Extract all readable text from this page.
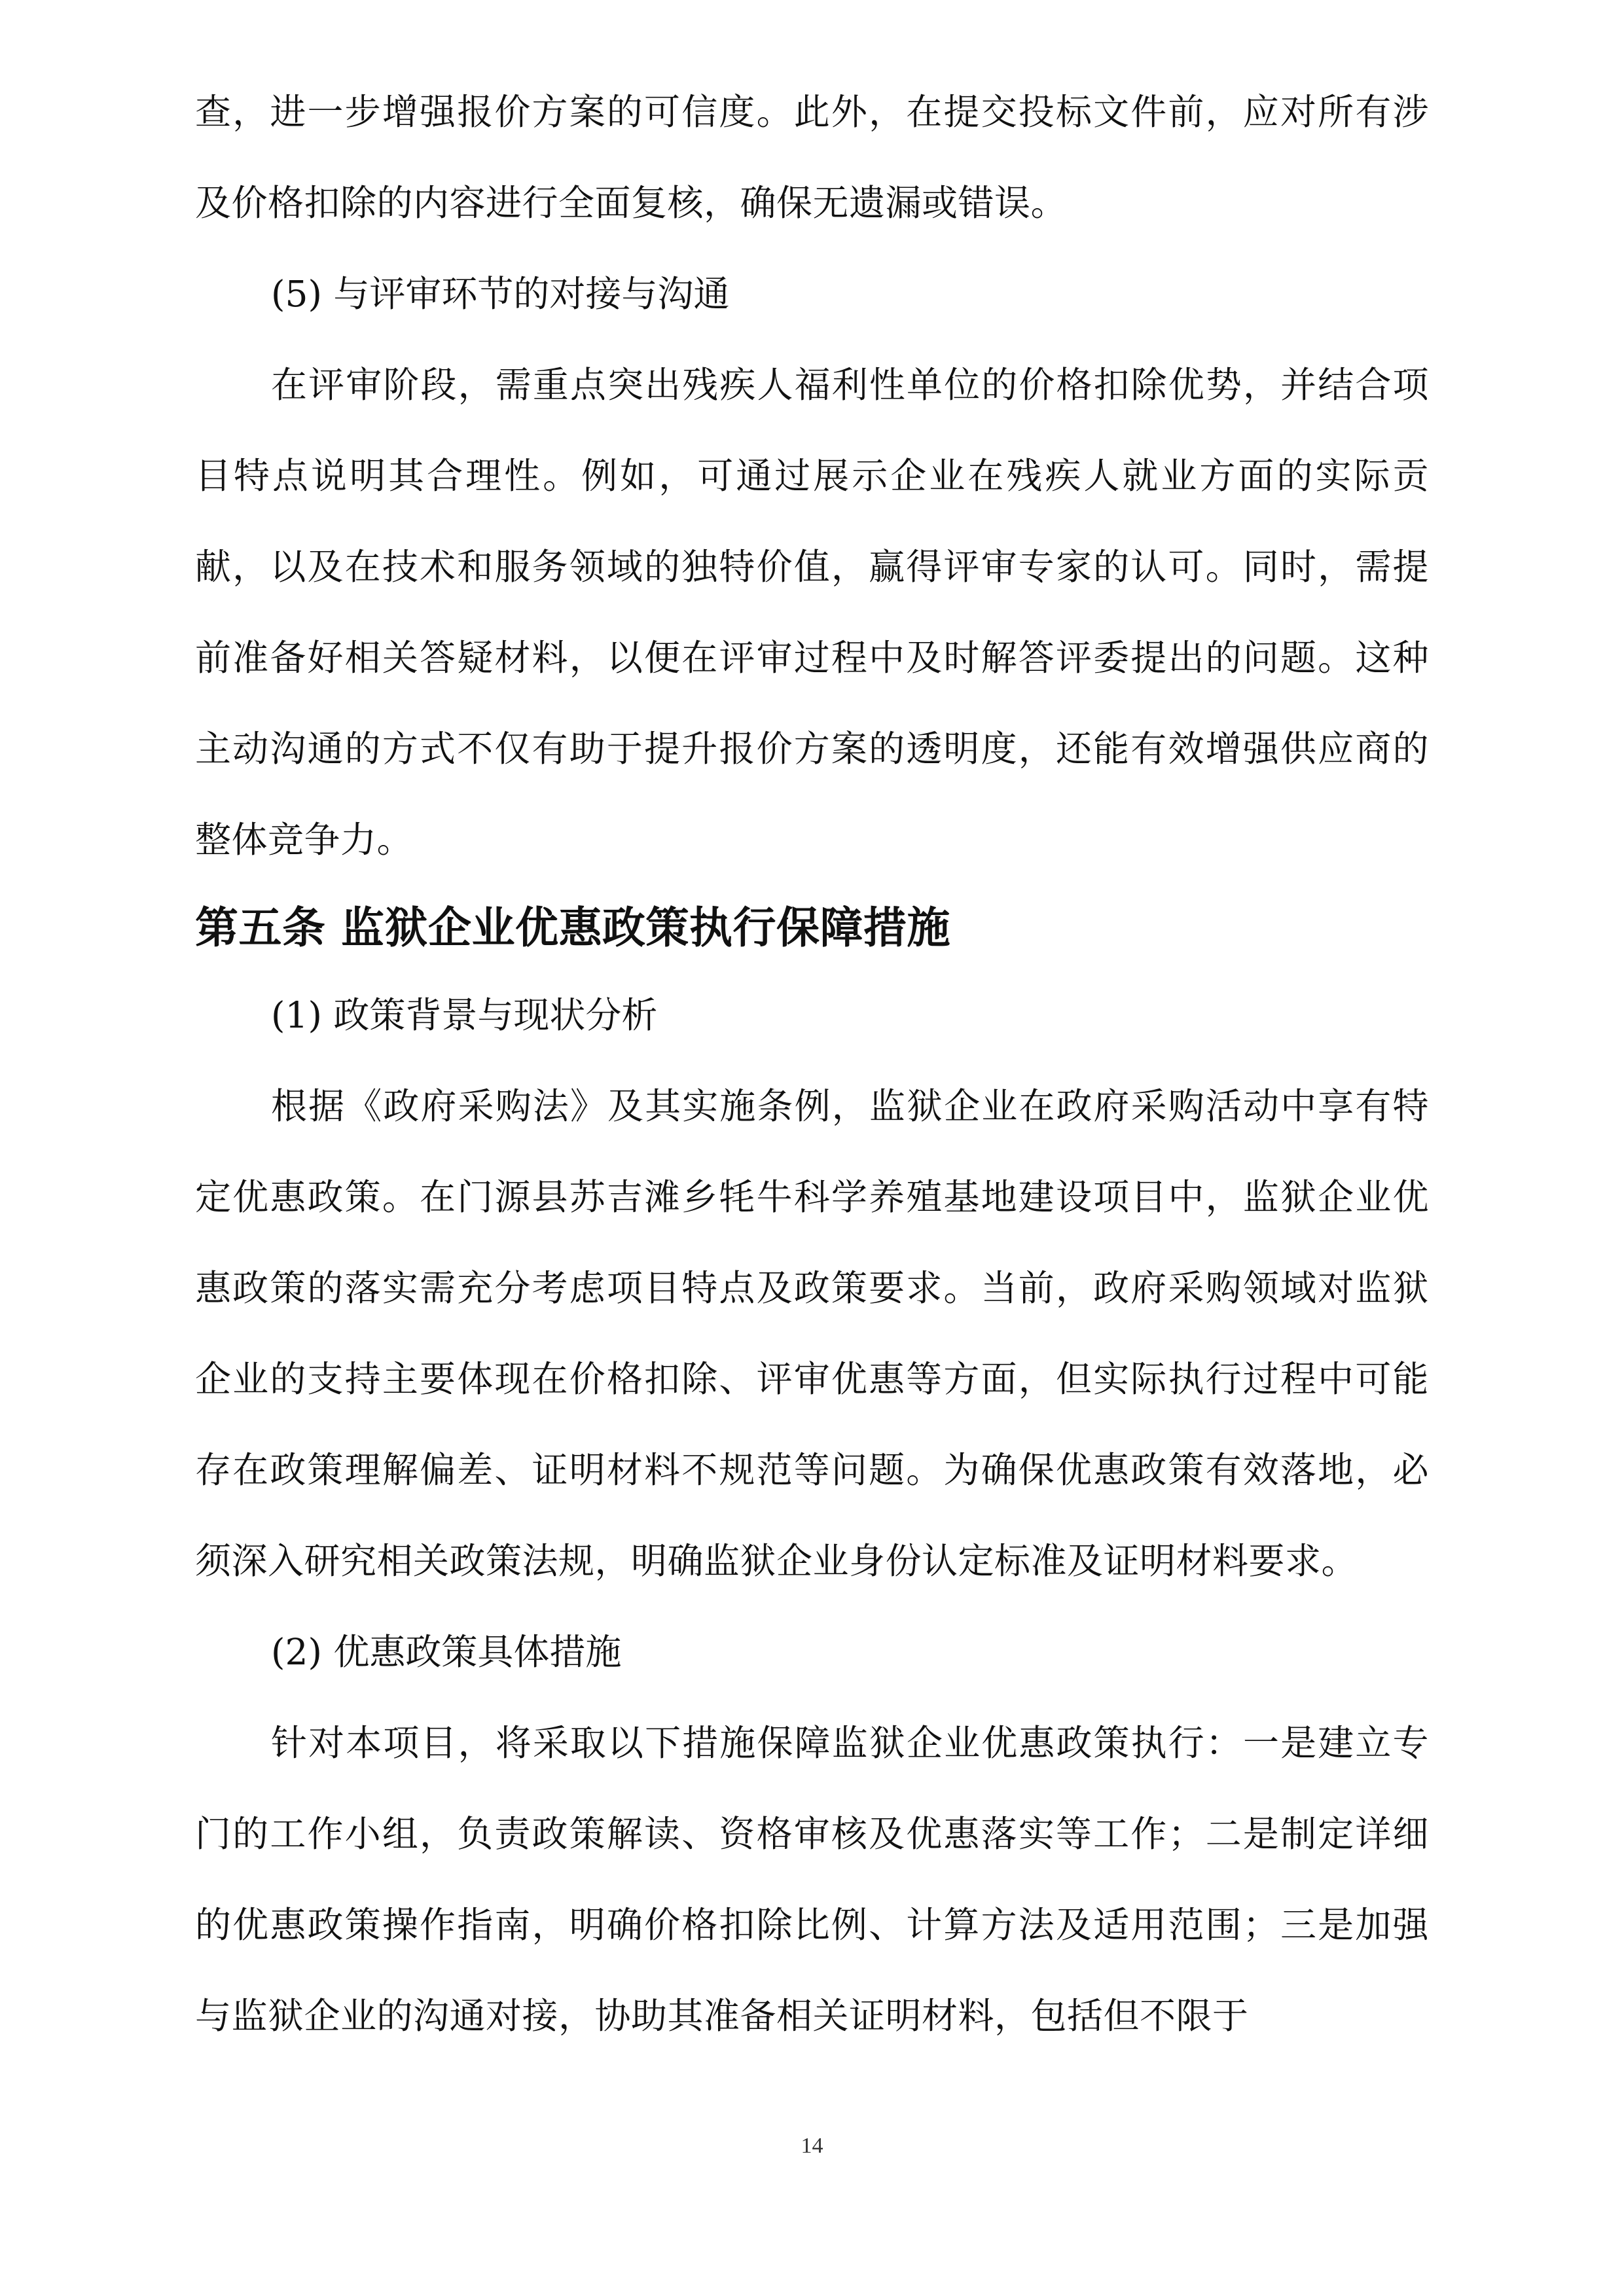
查，进一步增强报价方案的可信度。此外，在提交投标文件前，应对所有涉及价格扣除的内容进行全面复核，确保无遗漏或错误。

(5) 与评审环节的对接与沟通

在评审阶段，需重点突出残疾人福利性单位的价格扣除优势，并结合项目特点说明其合理性。例如，可通过展示企业在残疾人就业方面的实际贡献，以及在技术和服务领域的独特价值，赢得评审专家的认可。同时，需提前准备好相关答疑材料，以便在评审过程中及时解答评委提出的问题。这种主动沟通的方式不仅有助于提升报价方案的透明度，还能有效增强供应商的整体竞争力。

第五条 监狱企业优惠政策执行保障措施

(1) 政策背景与现状分析

根据《政府采购法》及其实施条例，监狱企业在政府采购活动中享有特定优惠政策。在门源县苏吉滩乡牦牛科学养殖基地建设项目中，监狱企业优惠政策的落实需充分考虑项目特点及政策要求。当前，政府采购领域对监狱企业的支持主要体现在价格扣除、评审优惠等方面，但实际执行过程中可能存在政策理解偏差、证明材料不规范等问题。为确保优惠政策有效落地，必须深入研究相关政策法规，明确监狱企业身份认定标准及证明材料要求。

(2) 优惠政策具体措施

针对本项目，将采取以下措施保障监狱企业优惠政策执行：一是建立专门的工作小组，负责政策解读、资格审核及优惠落实等工作；二是制定详细的优惠政策操作指南，明确价格扣除比例、计算方法及适用范围；三是加强与监狱企业的沟通对接，协助其准备相关证明材料，包括但不限于

14
